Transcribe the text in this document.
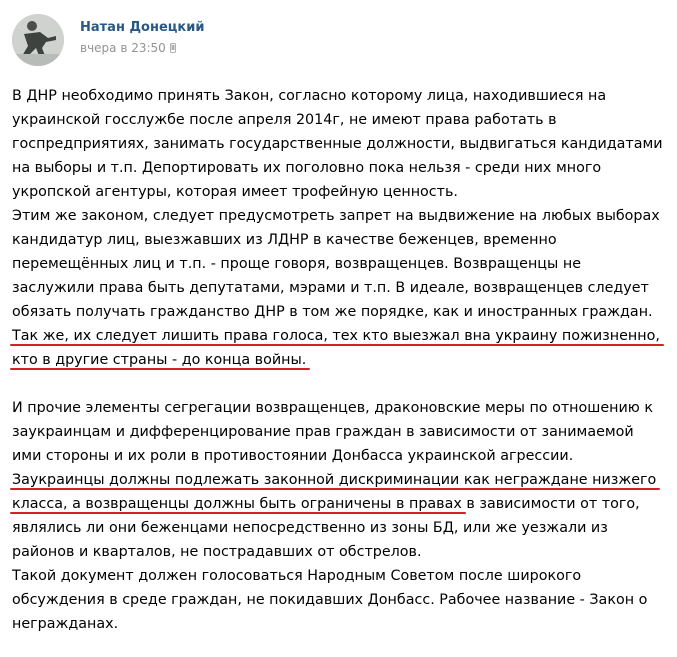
Натан Донецкий
вчера в 23:50
В ДНР необходимо принять Закон, согласно которому лица, находившиеся на
украинской госслужбе после апреля 2014г, не имеют права работать в
госпредприятиях, занимать государственные должности, выдвигаться кандидатами
на выборы и т.п. Депортировать их поголовно пока нельзя - среди них много
укропской агентуры, которая имеет трофейную ценность.
Этим же законом, следует предусмотреть запрет на выдвижение на любых выборах
кандидатур лиц, выезжавших из ЛДНР в качестве беженцев, временно
перемещённых лиц и т.п. - проще говоря, возвращенцев. Возвращенцы не
заслужили права быть депутатами, мэрами и т.п. В идеале, возвращенцев следует
обязать получать гражданство ДНР в том же порядке, как и иностранных граждан.
Так же, их следует лишить права голоса, тех кто выезжал вна украину пожизненно,
кто в другие страны - до конца войны.
И прочие элементы сегрегации возвращенцев, драконовские меры по отношению к
заукраинцам и дифференцирование прав граждан в зависимости от занимаемой
ими стороны и их роли в противостоянии Донбасса украинской агрессии.
Заукраинцы должны подлежать законной дискриминации как неграждане низжего
класса, а возвращенцы должны быть ограничены в правах в зависимости от того,
являлись ли они беженцами непосредственно из зоны БД, или же уезжали из
районов и кварталов, не пострадавших от обстрелов.
Такой документ должен голосоваться Народным Советом после широкого
обсуждения в среде граждан, не покидавших Донбасс. Рабочее название - Закон о
негражданах.
